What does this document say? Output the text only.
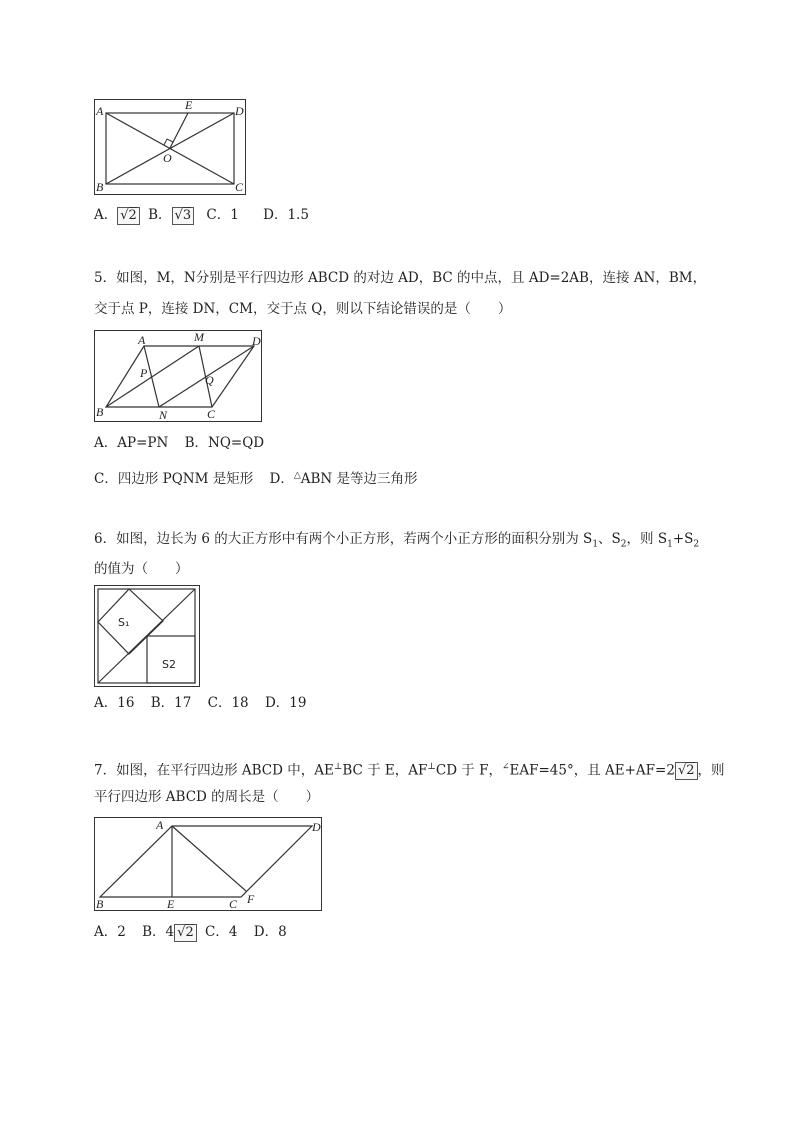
A
B	C
D
E
O
A． √2 B． √3 C．1 D．1.5
5．如图，M，N分别是平行四边形 ABCD 的对边 AD，BC 的中点，且 AD=2AB，连接 AN，BM，
交于点 P，连接 DN，CM，交于点 Q，则以下结论错误的是（　　）
A	M	D
P	Q
B	N	C
A．AP=PN B．NQ=QD
C．四边形 PQNM 是矩形 D．△ABN 是等边三角形
6．如图，边长为 6 的大正方形中有两个小正方形，若两个小正方形的面积分别为 $S_1$、$S_2$，则 $S_1+S_2$
的值为（　　）
S₁
S2
A．16 B．17 C．18 D．19
7．如图，在平行四边形 ABCD 中，AE⊥BC 于 E，AF⊥CD 于 F，∠EAF=45°，且 AE+AF=2 √2 ，则
平行四边形 ABCD 的周长是（　　）
A	D
B	E	C F
A．2 B．4 √2 C．4 D．8
